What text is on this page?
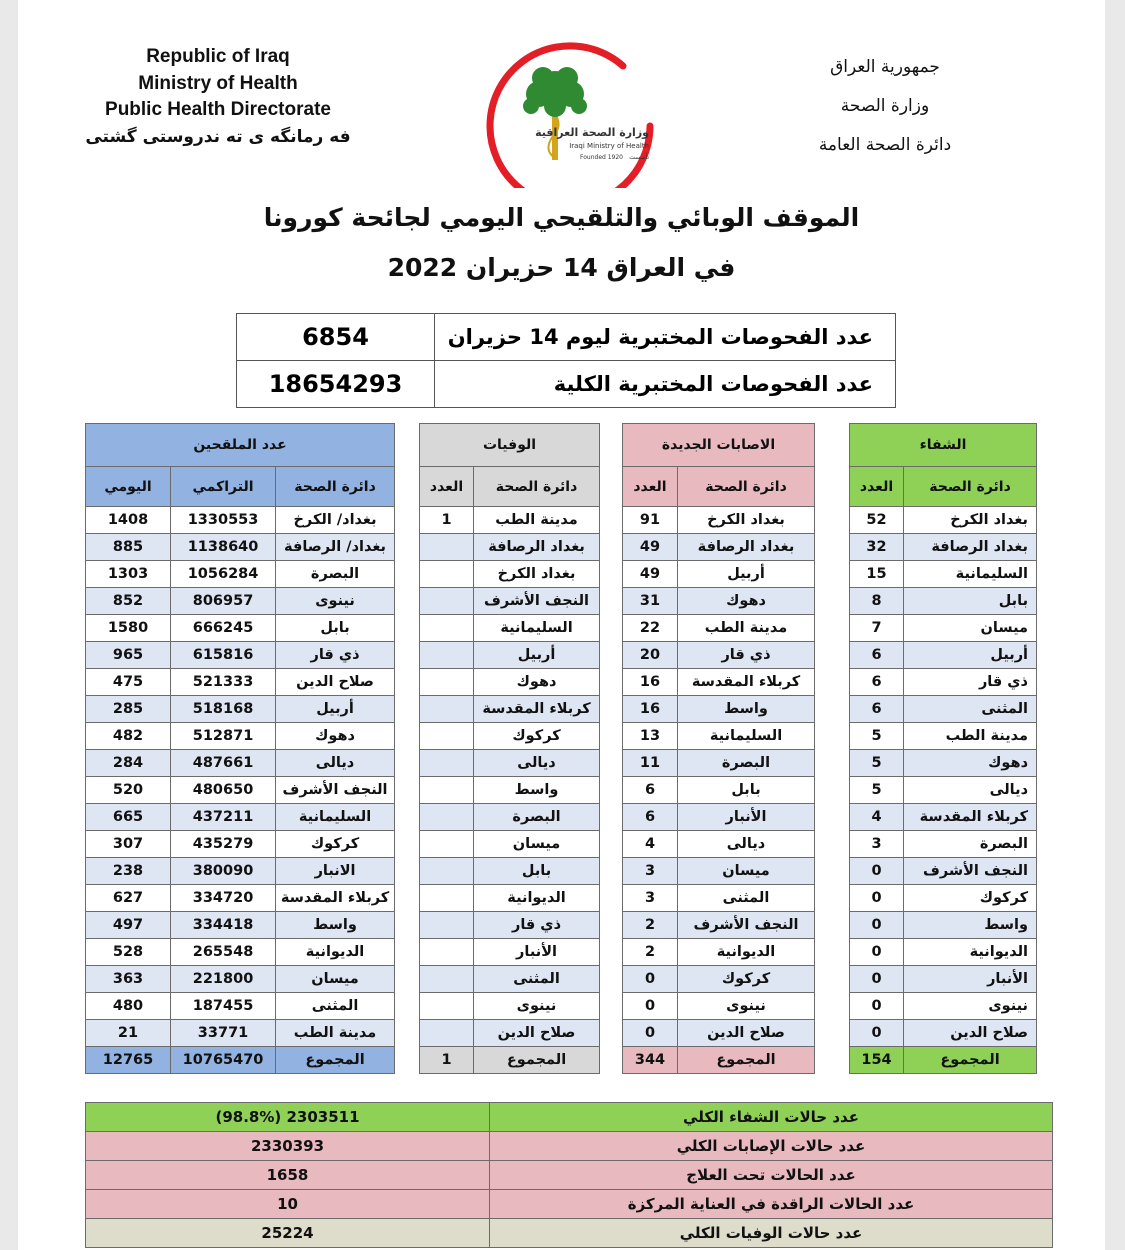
Republic of Iraq
Ministry of Health
Public Health Directorate
فه رمانگه ی ته ندروستی گشتی	وزارة الصحة العراقية
Iraqi Ministry of Health
Founded 1920 تأسست
جمهورية العراق
وزارة الصحة
دائرة الصحة العامة
الموقف الوبائي والتلقيحي اليومي لجائحة كورونا
في العراق 14 حزيران 2022
عدد الفحوصات المختبرية ليوم 14 حزيران	6854
عدد الفحوصات المختبرية الكلية	18654293
الشفاء	
دائرة الصحة	العدد
بغداد الكرخ	52
بغداد الرصافة	32
السليمانية	15
بابل	8
ميسان	7
أربيل	6
ذي قار	6
المثنى	6
مدينة الطب	5
دهوك	5
ديالى	5
كربلاء المقدسة	4
البصرة	3
النجف الأشرف	0
كركوك	0
واسط	0
الديوانية	0
الأنبار	0
نينوى	0
صلاح الدين	0
المجموع	154
الاصابات الجديدة	
دائرة الصحة	العدد
بغداد الكرخ	91
بغداد الرصافة	49
أربيل	49
دهوك	31
مدينة الطب	22
ذي قار	20
كربلاء المقدسة	16
واسط	16
السليمانية	13
البصرة	11
بابل	6
الأنبار	6
ديالى	4
ميسان	3
المثنى	3
النجف الأشرف	2
الديوانية	2
كركوك	0
نينوى	0
صلاح الدين	0
المجموع	344
الوفيات	
دائرة الصحة	العدد
مدينة الطب	1
بغداد الرصافة	
بغداد الكرخ	
النجف الأشرف	
السليمانية	
أربيل	
دهوك	
كربلاء المقدسة	
كركوك	
ديالى	
واسط	
البصرة	
ميسان	
بابل	
الديوانية	
ذي قار	
الأنبار	
المثنى	
نينوى	
صلاح الدين	
المجموع	1
عدد الملقحين		
دائرة الصحة	التراكمي	اليومي
بغداد/ الكرخ	1330553	1408
بغداد/ الرصافة	1138640	885
البصرة	1056284	1303
نينوى	806957	852
بابل	666245	1580
ذي قار	615816	965
صلاح الدين	521333	475
أربيل	518168	285
دهوك	512871	482
ديالى	487661	284
النجف الأشرف	480650	520
السليمانية	437211	665
كركوك	435279	307
الانبار	380090	238
كربلاء المقدسة	334720	627
واسط	334418	497
الديوانية	265548	528
ميسان	221800	363
المثنى	187455	480
مدينة الطب	33771	21
المجموع	10765470	12765
عدد حالات الشفاء الكلي	2303511 (98.8%)
عدد حالات الإصابات الكلي	2330393
عدد الحالات تحت العلاج	1658
عدد الحالات الراقدة في العناية المركزة	10
عدد حالات الوفيات الكلي	25224
